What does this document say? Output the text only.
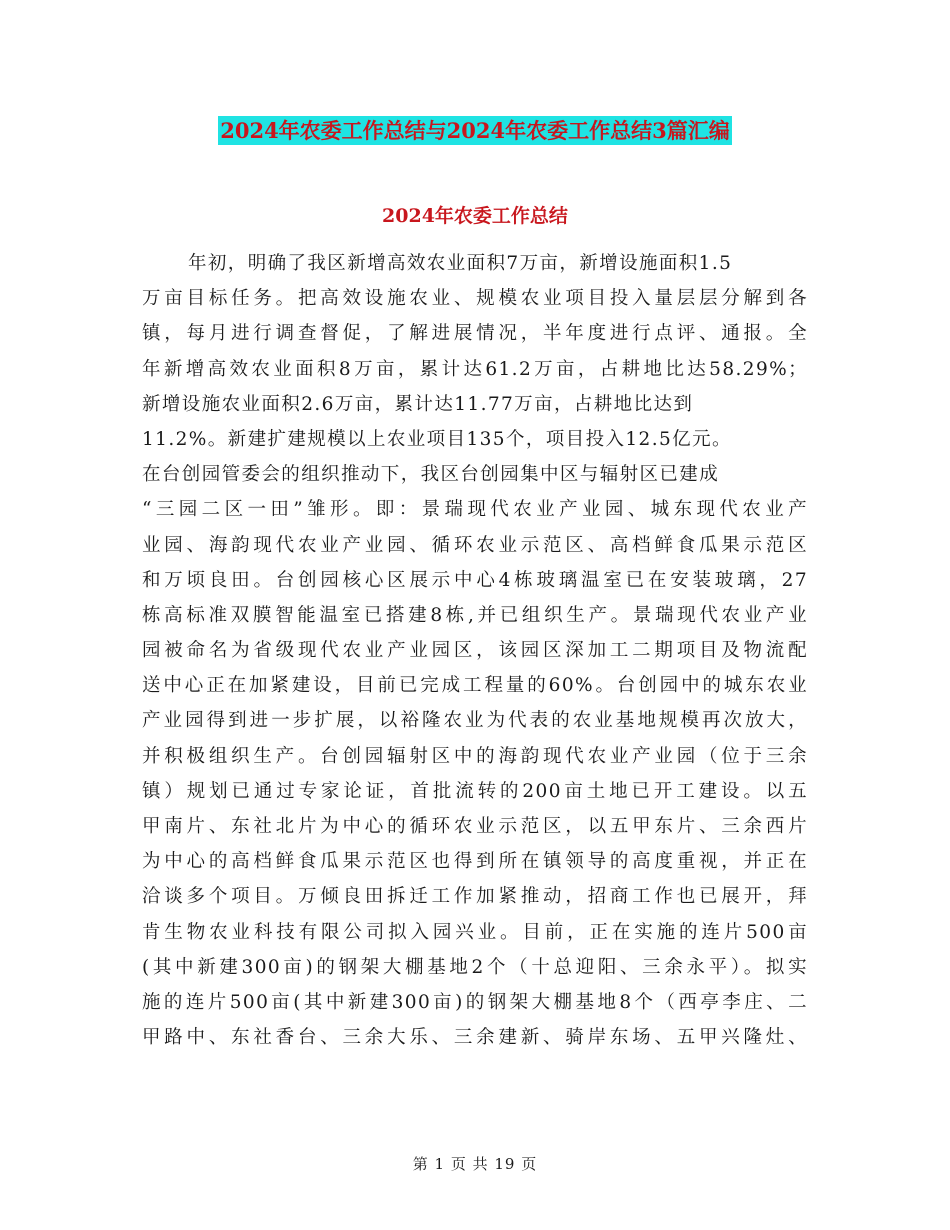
2024年农委工作总结与2024年农委工作总结3篇汇编
2024年农委工作总结
年初，明确了我区新增高效农业面积7万亩，新增设施面积1.5
万亩目标任务。把高效设施农业、规模农业项目投入量层层分解到各
镇，每月进行调查督促，了解进展情况，半年度进行点评、通报。全
年新增高效农业面积8万亩，累计达61.2万亩，占耕地比达58.29%；
新增设施农业面积2.6万亩，累计达11.77万亩，占耕地比达到
11.2%。新建扩建规模以上农业项目135个，项目投入12.5亿元。
在台创园管委会的组织推动下，我区台创园集中区与辐射区已建成
“三园二区一田”雏形。即：景瑞现代农业产业园、城东现代农业产
业园、海韵现代农业产业园、循环农业示范区、高档鲜食瓜果示范区
和万顷良田。台创园核心区展示中心4栋玻璃温室已在安装玻璃，27
栋高标准双膜智能温室已搭建8栋,并已组织生产。景瑞现代农业产业
园被命名为省级现代农业产业园区，该园区深加工二期项目及物流配
送中心正在加紧建设，目前已完成工程量的60%。台创园中的城东农业
产业园得到进一步扩展，以裕隆农业为代表的农业基地规模再次放大，
并积极组织生产。台创园辐射区中的海韵现代农业产业园（位于三余
镇）规划已通过专家论证，首批流转的200亩土地已开工建设。以五
甲南片、东社北片为中心的循环农业示范区，以五甲东片、三余西片
为中心的高档鲜食瓜果示范区也得到所在镇领导的高度重视，并正在
洽谈多个项目。万倾良田拆迁工作加紧推动，招商工作也已展开，拜
肯生物农业科技有限公司拟入园兴业。目前，正在实施的连片500亩
(其中新建300亩)的钢架大棚基地2个（十总迎阳、三余永平）。拟实
施的连片500亩(其中新建300亩)的钢架大棚基地8个（西亭李庄、二
甲路中、东社香台、三余大乐、三余建新、骑岸东场、五甲兴隆灶、
第 1 页 共 19 页
